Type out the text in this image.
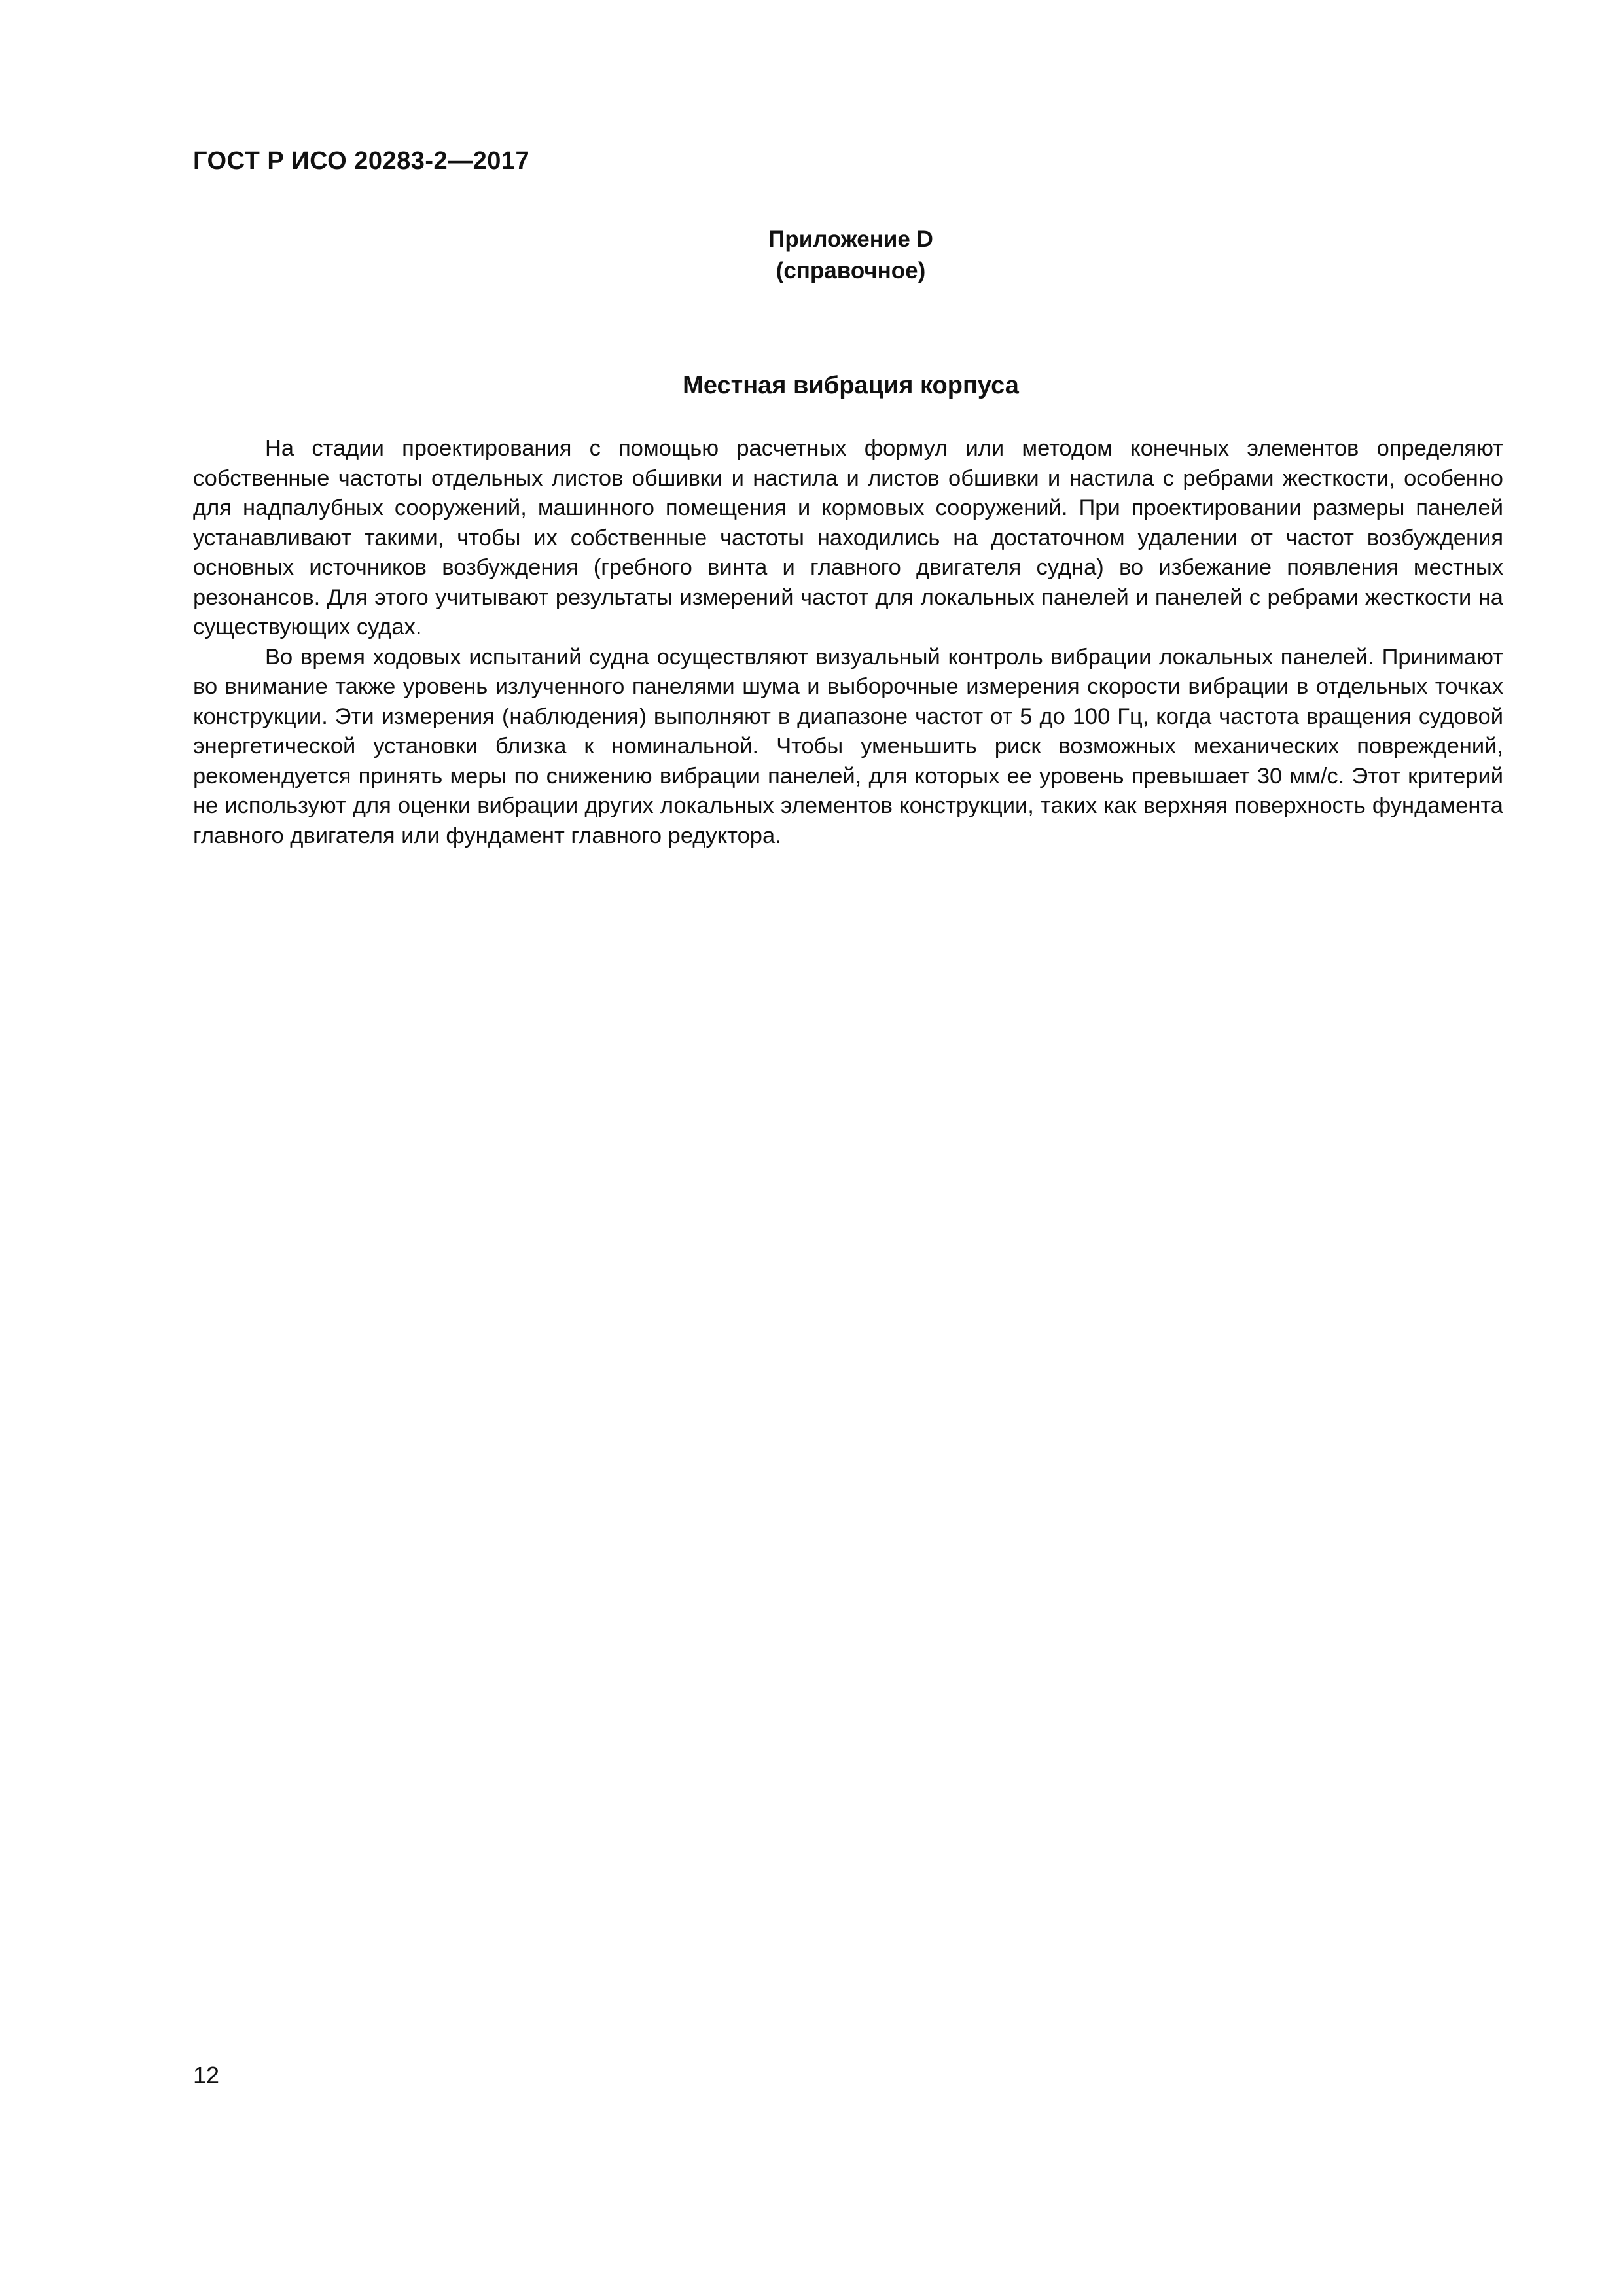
ГОСТ Р ИСО 20283-2—2017
Приложение D
(справочное)
Местная вибрация корпуса

На стадии проектирования с помощью расчетных формул или методом конечных элементов определяют собственные частоты отдельных листов обшивки и настила и листов обшивки и настила с ребрами жесткости, особенно для надпалубных сооружений, машинного помещения и кормовых сооружений. При проектировании размеры панелей устанавливают такими, чтобы их собственные частоты находились на достаточном удалении от частот возбуждения основных источников возбуждения (гребного винта и главного двигателя судна) во избежание появления местных резонансов. Для этого учитывают результаты измерений частот для локальных панелей и панелей с ребрами жесткости на существующих судах.

Во время ходовых испытаний судна осуществляют визуальный контроль вибрации локальных панелей. Принимают во внимание также уровень излученного панелями шума и выборочные измерения скорости вибрации в отдельных точках конструкции. Эти измерения (наблюдения) выполняют в диапазоне частот от 5 до 100 Гц, когда частота вращения судовой энергетической установки близка к номинальной. Чтобы уменьшить риск возможных механических повреждений, рекомендуется принять меры по снижению вибрации панелей, для которых ее уровень превышает 30 мм/с. Этот критерий не используют для оценки вибрации других локальных элементов конструкции, таких как верхняя поверхность фундамента главного двигателя или фундамент главного редуктора.

12
